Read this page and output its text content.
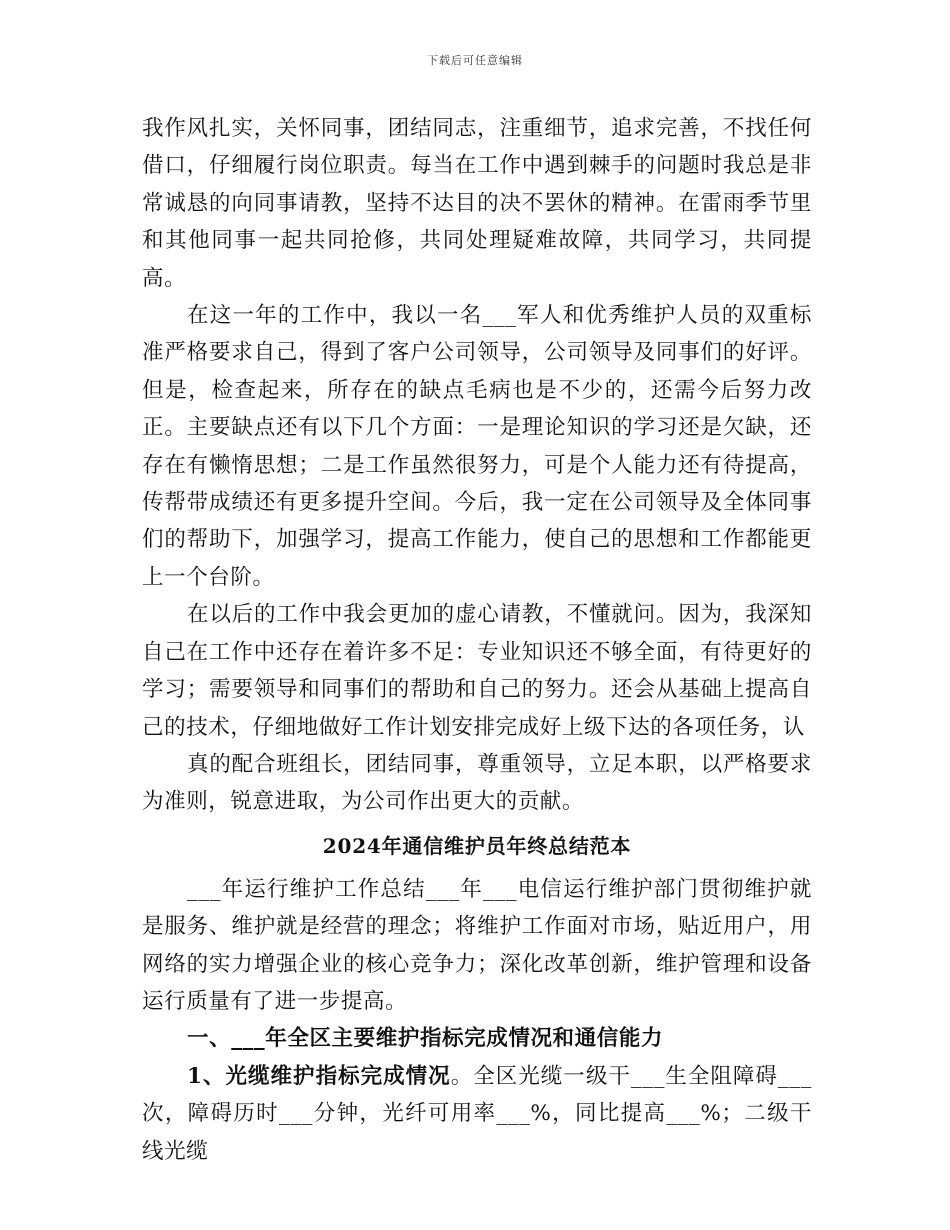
下载后可任意编辑

我作风扎实，关怀同事，团结同志，注重细节，追求完善，不找任何借口，仔细履行岗位职责。每当在工作中遇到棘手的问题时我总是非常诚恳的向同事请教，坚持不达目的决不罢休的精神。在雷雨季节里和其他同事一起共同抢修，共同处理疑难故障，共同学习，共同提高。

在这一年的工作中，我以一名___军人和优秀维护人员的双重标准严格要求自己，得到了客户公司领导，公司领导及同事们的好评。但是，检查起来，所存在的缺点毛病也是不少的，还需今后努力改正。主要缺点还有以下几个方面：一是理论知识的学习还是欠缺，还存在有懒惰思想；二是工作虽然很努力，可是个人能力还有待提高，传帮带成绩还有更多提升空间。今后，我一定在公司领导及全体同事们的帮助下，加强学习，提高工作能力，使自己的思想和工作都能更上一个台阶。

在以后的工作中我会更加的虚心请教，不懂就问。因为，我深知自己在工作中还存在着许多不足：专业知识还不够全面，有待更好的学习；需要领导和同事们的帮助和自己的努力。还会从基础上提高自己的技术，仔细地做好工作计划安排完成好上级下达的各项任务，认

真的配合班组长，团结同事，尊重领导，立足本职，以严格要求为准则，锐意进取，为公司作出更大的贡献。

2024年通信维护员年终总结范本

___年运行维护工作总结___年___电信运行维护部门贯彻维护就是服务、维护就是经营的理念；将维护工作面对市场，贴近用户，用网络的实力增强企业的核心竞争力；深化改革创新，维护管理和设备运行质量有了进一步提高。

一、___年全区主要维护指标完成情况和通信能力

1、光缆维护指标完成情况。全区光缆一级干___生全阻障碍___次，障碍历时___分钟，光纤可用率___%，同比提高___%；二级干线光缆
